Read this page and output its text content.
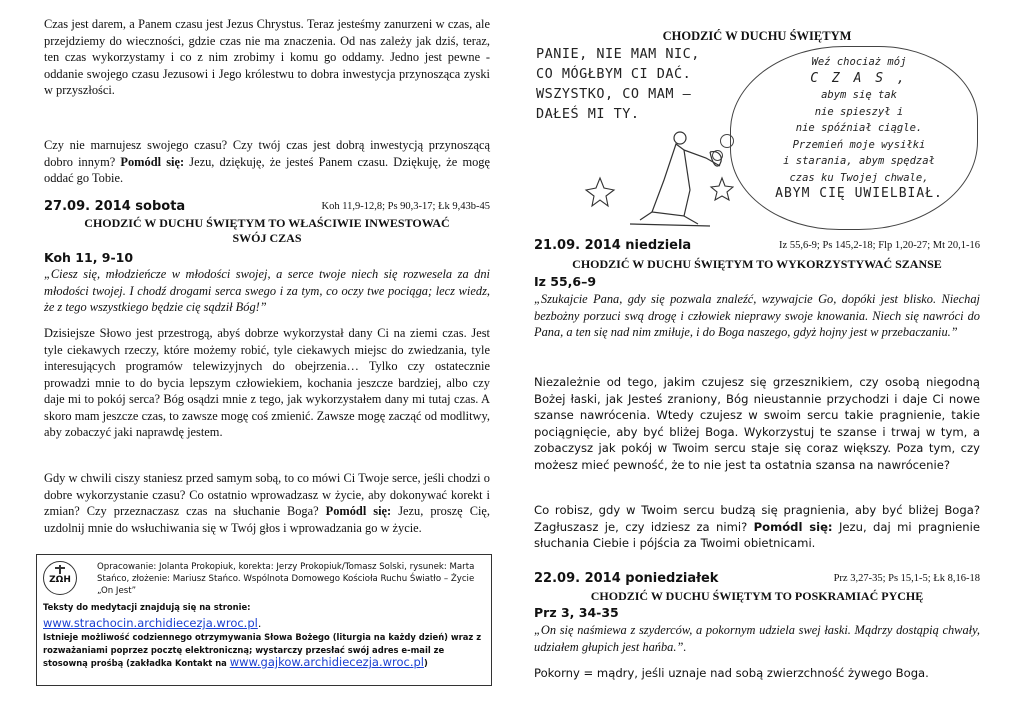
Czas jest darem, a Panem czasu jest Jezus Chrystus. Teraz jesteśmy zanurzeni w czas, ale przejdziemy do wieczności, gdzie czas nie ma znaczenia. Od nas zależy jak dziś, teraz, ten czas wykorzystamy i co z nim zrobimy i komu go oddamy. Jedno jest pewne - oddanie swojego czasu Jezusowi i Jego królestwu to dobra inwestycja przynosząca zyski w przyszłości.

Czy nie marnujesz swojego czasu? Czy twój czas jest dobrą inwestycją przynoszącą dobro innym? Pomódl się: Jezu, dziękuję, że jesteś Panem czasu. Dziękuję, że mogę oddać go Tobie.

27.09. 2014 sobota	Koh 11,9-12,8; Ps 90,3-17; Łk 9,43b-45
CHODZIĆ W DUCHU ŚWIĘTYM TO WŁAŚCIWIE INWESTOWAĆ
SWÓJ CZAS
Koh 11, 9-10

„Ciesz się, młodzieńcze w młodości swojej, a serce twoje niech się rozwesela za dni młodości twojej. I chodź drogami serca swego i za tym, co oczy twe pociąga; lecz wiedz, że z tego wszystkiego będzie cię sądził Bóg!”

Dzisiejsze Słowo jest przestrogą, abyś dobrze wykorzystał dany Ci na ziemi czas. Jest tyle ciekawych rzeczy, które możemy robić, tyle ciekawych miejsc do zwiedzania, tyle interesujących programów telewizyjnych do obejrzenia… Tylko czy ostatecznie prowadzi mnie to do bycia lepszym człowiekiem, kochania jeszcze bardziej, albo czy daje mi to pokój serca? Bóg osądzi mnie z tego, jak wykorzystałem dany mi tutaj czas. A skoro mam jeszcze czas, to zawsze mogę coś zmienić. Zawsze mogę zacząć od modlitwy, aby zobaczyć jaki naprawdę jestem.

Gdy w chwili ciszy staniesz przed samym sobą, to co mówi Ci Twoje serce, jeśli chodzi o dobre wykorzystanie czasu? Co ostatnio wprowadzasz w życie, aby dokonywać korekt i zmian? Czy przeznaczasz czas na słuchanie Boga? Pomódl się: Jezu, proszę Cię, uzdolnij mnie do wsłuchiwania się w Twój głos i wprowadzania go w życie.

ΖΩΗ
Opracowanie: Jolanta Prokopiuk, korekta: Jerzy Prokopiuk/Tomasz Solski, rysunek: Marta Stańco, złożenie: Mariusz Stańco. Wspólnota Domowego Kościoła Ruchu Światło – Życie „On Jest”
Teksty do medytacji znajdują się na stronie:
www.strachocin.archidiecezja.wroc.pl.
Istnieje możliwość codziennego otrzymywania Słowa Bożego (liturgia na każdy dzień) wraz z rozważaniami poprzez pocztę elektroniczną; wystarczy przesłać swój adres e-mail ze stosowną prośbą (zakładka Kontakt na www.gajkow.archidiecezja.wroc.pl)
CHODZIĆ W DUCHU ŚWIĘTYM
PANIE, NIE MAM NIC,
CO MÓGŁBYM CI DAĆ.
WSZYSTKO, CO MAM –
DAŁEŚ MI TY.
Weź chociaż mój
C Z A S ,
abym się tak
nie spieszył i
nie spóźniał ciągle.
Przemień moje wysiłki
i starania, abym spędzał
czas ku Twojej chwale,
ABYM CIĘ UWIELBIAŁ.
21.09. 2014 niedziela	Iz 55,6-9; Ps 145,2-18; Flp 1,20-27; Mt 20,1-16
CHODZIĆ W DUCHU ŚWIĘTYM TO WYKORZYSTYWAĆ SZANSE
Iz 55,6–9

„Szukajcie Pana, gdy się pozwala znaleźć, wzywajcie Go, dopóki jest blisko. Niechaj bezbożny porzuci swą drogę i człowiek nieprawy swoje knowania. Niech się nawróci do Pana, a ten się nad nim zmiłuje, i do Boga naszego, gdyż hojny jest w przebaczaniu.”

Niezależnie od tego, jakim czujesz się grzesznikiem, czy osobą niegodną Bożej łaski, jak Jesteś zraniony, Bóg nieustannie przychodzi i daje Ci nowe szanse nawrócenia. Wtedy czujesz w swoim sercu takie pragnienie, takie pociągnięcie, aby być bliżej Boga. Wykorzystuj te szanse i trwaj w tym, a zobaczysz jak pokój w Twoim sercu staje się coraz większy. Poza tym, czy możesz mieć pewność, że to nie jest ta ostatnia szansa na nawrócenie?

Co robisz, gdy w Twoim sercu budzą się pragnienia, aby być bliżej Boga? Zagłuszasz je, czy idziesz za nimi? Pomódl się: Jezu, daj mi pragnienie słuchania Ciebie i pójścia za Twoimi obietnicami.

22.09. 2014 poniedziałek	Prz 3,27-35; Ps 15,1-5; Łk 8,16-18
CHODZIĆ W DUCHU ŚWIĘTYM TO POSKRAMIAĆ PYCHĘ
Prz 3, 34-35

„On się naśmiewa z szyderców, a pokornym udziela swej łaski. Mądrzy dostąpią chwały, udziałem głupich jest hańba.”.

Pokorny = mądry, jeśli uznaje nad sobą zwierzchność żywego Boga.
